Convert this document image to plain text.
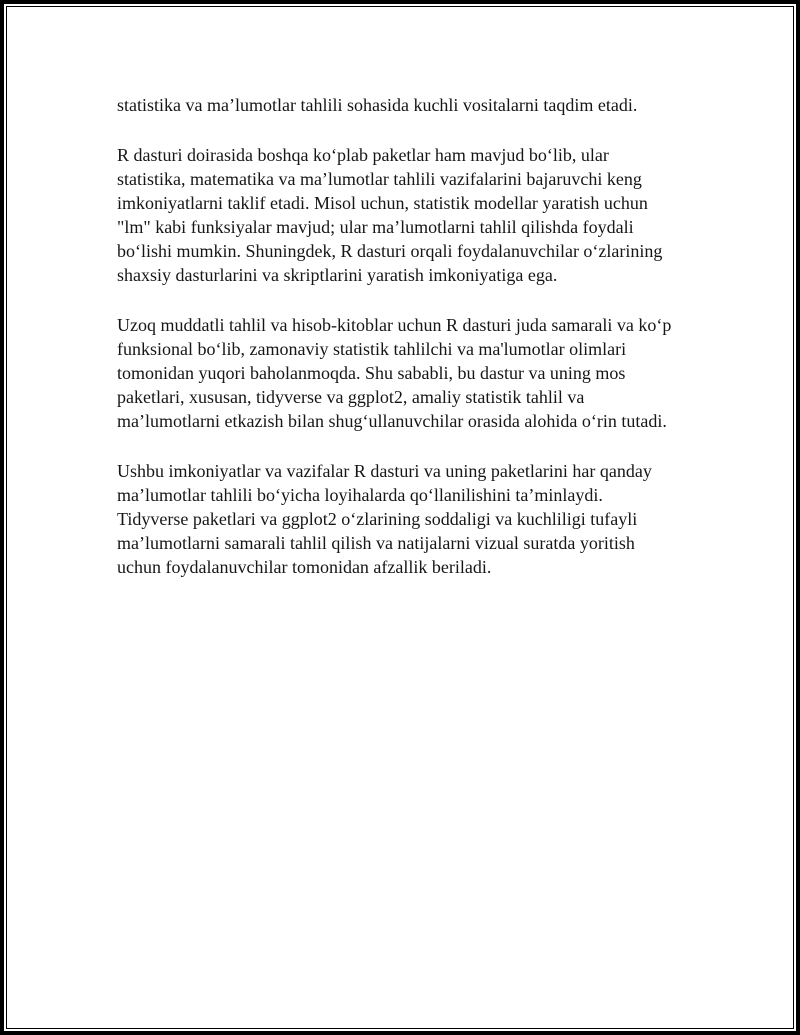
statistika va ma’lumotlar tahlili sohasida kuchli vositalarni taqdim etadi.

R dasturi doirasida boshqa ko‘plab paketlar ham mavjud bo‘lib, ular
statistika, matematika va ma’lumotlar tahlili vazifalarini bajaruvchi keng
imkoniyatlarni taklif etadi. Misol uchun, statistik modellar yaratish uchun
"lm" kabi funksiyalar mavjud; ular ma’lumotlarni tahlil qilishda foydali
bo‘lishi mumkin. Shuningdek, R dasturi orqali foydalanuvchilar o‘zlarining
shaxsiy dasturlarini va skriptlarini yaratish imkoniyatiga ega.

Uzoq muddatli tahlil va hisob-kitoblar uchun R dasturi juda samarali va ko‘p
funksional bo‘lib, zamonaviy statistik tahlilchi va ma'lumotlar olimlari
tomonidan yuqori baholanmoqda. Shu sababli, bu dastur va uning mos
paketlari, xususan, tidyverse va ggplot2, amaliy statistik tahlil va
ma’lumotlarni etkazish bilan shug‘ullanuvchilar orasida alohida o‘rin tutadi.

Ushbu imkoniyatlar va vazifalar R dasturi va uning paketlarini har qanday
ma’lumotlar tahlili bo‘yicha loyihalarda qo‘llanilishini ta’minlaydi.
Tidyverse paketlari va ggplot2 o‘zlarining soddaligi va kuchliligi tufayli
ma’lumotlarni samarali tahlil qilish va natijalarni vizual suratda yoritish
uchun foydalanuvchilar tomonidan afzallik beriladi.
